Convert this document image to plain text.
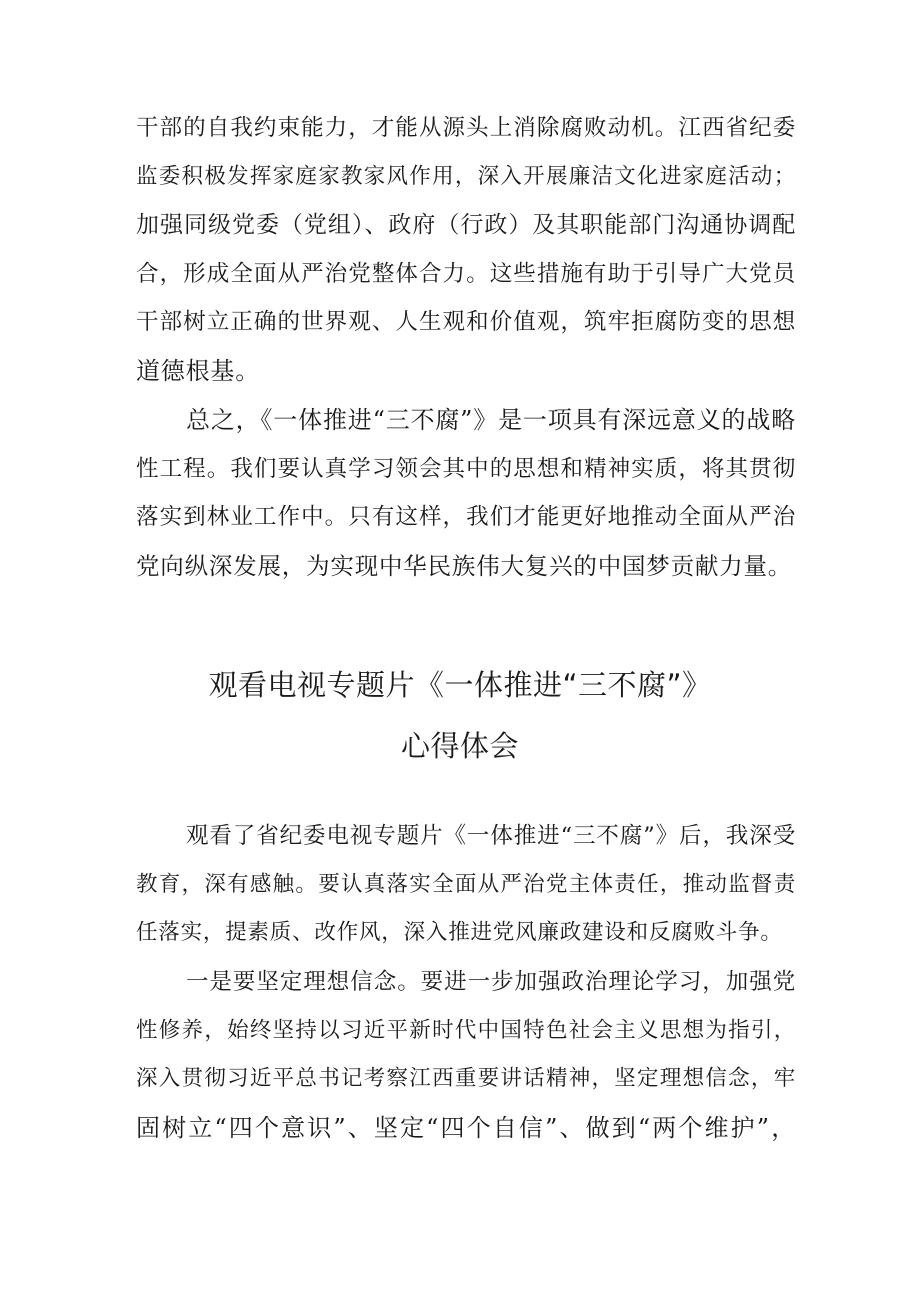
干部的自我约束能力，才能从源头上消除腐败动机。江西省纪委
监委积极发挥家庭家教家风作用，深入开展廉洁文化进家庭活动；
加强同级党委（党组）、政府（行政）及其职能部门沟通协调配
合，形成全面从严治党整体合力。这些措施有助于引导广大党员
干部树立正确的世界观、人生观和价值观，筑牢拒腐防变的思想
道德根基。
总之，《一体推进“三不腐”》是一项具有深远意义的战略
性工程。我们要认真学习领会其中的思想和精神实质，将其贯彻
落实到林业工作中。只有这样，我们才能更好地推动全面从严治
党向纵深发展，为实现中华民族伟大复兴的中国梦贡献力量。
观看电视专题片《一体推进“三不腐”》
心得体会
观看了省纪委电视专题片《一体推进“三不腐”》后，我深受
教育，深有感触。要认真落实全面从严治党主体责任，推动监督责
任落实，提素质、改作风，深入推进党风廉政建设和反腐败斗争。
一是要坚定理想信念。要进一步加强政治理论学习，加强党
性修养，始终坚持以习近平新时代中国特色社会主义思想为指引，
深入贯彻习近平总书记考察江西重要讲话精神，坚定理想信念，牢
固树立“四个意识”、坚定“四个自信”、做到“两个维护”，
